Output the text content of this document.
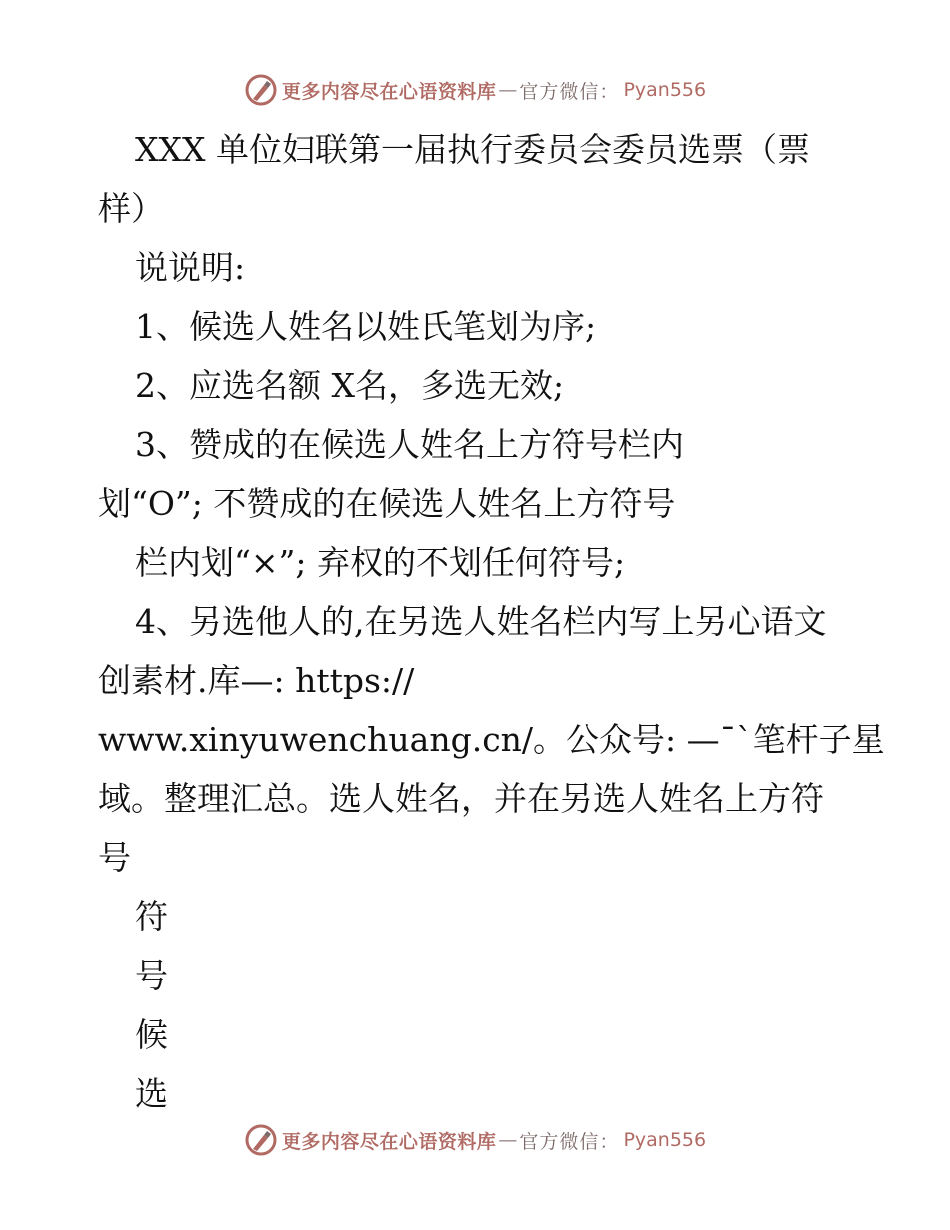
更多内容尽在心语资料库 — 官方微信： Pyan556
XXX 单位妇联第一届执行委员会委员选票（票
样）
说说明:
1、候选人姓名以姓氏笔划为序;
2、应选名额 X名，多选无效;
3、赞成的在候选人姓名上方符号栏内
划“O”; 不赞成的在候选人姓名上方符号
栏内划“×”; 弃权的不划任何符号;
4、另选他人的,在另选人姓名栏内写上另心语文
创素材.库—: https://
www.xinyuwenchuang.cn/。公众号: —¯`笔杆子星
域。整理汇总。选人姓名，并在另选人姓名上方符
号
符
号
候
选
更多内容尽在心语资料库 — 官方微信： Pyan556
